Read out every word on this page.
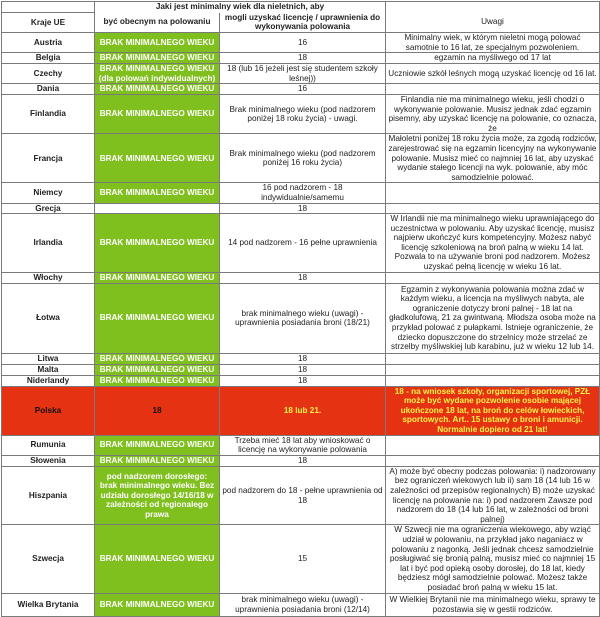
	Jaki jest minimalny wiek dla nieletnich, aby		
Kraje UE	być obecnym na polowaniu	mogli uzyskać licencję / uprawnienia do wykonywania polowania	Uwagi
Austria	BRAK MINIMALNEGO WIEKU	16	Minimalny wiek, w którym nieletni mogą polować samotnie to 16 lat, ze specjalnym pozwoleniem.
Belgia	BRAK MINIMALNEGO WIEKU	18	egzamin na myśliwego od 17 lat
Czechy	BRAK MINIMALNEGO WIEKU (dla polowań indywidualnych)	18 (lub 16 jeżeli jest się studentem szkoły leśnej))	Uczniowie szkół leśnych mogą uzyskać licencję od 16 lat.
Dania	BRAK MINIMALNEGO WIEKU	16	
Finlandia	BRAK MINIMALNEGO WIEKU	Brak minimalnego wieku (pod nadzorem poniżej 18 roku życia) - uwagi.	Finlandia nie ma minimalnego wieku, jeśli chodzi o wykonywanie polowanie. Musisz jednak zdać egzamin pisemny, aby uzyskać licencję na polowanie, co oznacza, że
Francja	BRAK MINIMALNEGO WIEKU	Brak minimalnego wieku (pod nadzorem poniżej 16 roku życia)	Małoletni poniżej 18 roku życia może, za zgodą rodziców, zarejestrować się na egzamin licencyjny na wykonywanie polowanie. Musisz mieć co najmniej 16 lat, aby uzyskać wydanie stałego licencji na wyk. polowanie, aby móc samodzielnie polować.
Niemcy	BRAK MINIMALNEGO WIEKU	16 pod nadzorem - 18 indywidualnie/samemu	
Grecja		18	
Irlandia	BRAK MINIMALNEGO WIEKU	14 pod nadzorem - 16 pełne uprawnienia	W Irlandii nie ma minimalnego wieku uprawniającego do uczestnictwa w polowaniu. Aby uzyskać licencję, musisz najpierw ukończyć kurs kompetencyjny. Możesz nabyć licencję szkoleniową na broń palną w wieku 14 lat. Pozwala to na używanie broni pod nadzorem. Możesz uzyskać pełną licencję w wieku 16 lat.
Włochy	BRAK MINIMALNEGO WIEKU	18	
Łotwa	BRAK MINIMALNEGO WIEKU	brak minimalnego wieku (uwagi) - uprawnienia posiadania broni (18/21)	Egzamin z wykonywania polowania można zdać w każdym wieku, a licencja na myśliwych nabyta, ale ograniczenie dotyczy broni palnej - 18 lat na gładkolufową, 21 za gwintwaną. Młodsza osoba może na przykład polować z pułapkami. Istnieje ograniczenie, że dziecko dopuszczone do strzelnicy może strzelać ze strzelby myśliwskiej lub karabinu, już w wieku 12 lub 14.
Litwa	BRAK MINIMALNEGO WIEKU	18	
Malta	BRAK MINIMALNEGO WIEKU	18	
Niderlandy	BRAK MINIMALNEGO WIEKU	18	
Polska	18	18 lub 21.	18 - na wniosek szkoły, organizacji sportowej, PZŁ może być wydane pozwolenie osobie mającej ukończone 18 lat, na broń do celów łowieckich, sportowych. Art.. 15 ustawy o broni i amunicji. Normalnie dopiero od 21 lat!
Rumunia	BRAK MINIMALNEGO WIEKU	Trzeba mieć 18 lat aby wnioskować o licencję na wykonywanie polowania	
Słowenia	BRAK MINIMALNEGO WIEKU	18	
Hiszpania	pod nadzorem dorosłego: brak minimalnego wieku. Bez udziału dorosłego 14/16/18 w zależności od regionalego prawa	pod nadzorem do 18 - pełne uprawnienia od 18	A) może być obecny podczas polowania: i) nadzorowany bez ograniczeń wiekowych lub ii) sam 18 (14 lub 16 w zależności od przepisów regionalnych) B) może uzyskać licencję na polowanie na: i) pod nadzorem Zawsze pod nadzorem do 18 (14 lub 16 lat, w zależności od broni palnej)
Szwecja	BRAK MINIMALNEGO WIEKU	15	W Szwecji nie ma ograniczenia wiekowego, aby wziąć udział w polowaniu, na przykład jako naganiacz w polowaniu z nagonką. Jeśli jednak chcesz samodzielnie posługiwać się bronią palną, musisz mieć co najmniej 15 lat i być pod opieką osoby dorosłej, do 18 lat, kiedy będziesz mógł samodzielnie polować. Możesz także posiadać broń palną w wieku 15 lat.
Wielka Brytania	BRAK MINIMALNEGO WIEKU	brak minimalnego wieku (uwagi) - uprawnienia posiadania broni (12/14)	W Wielkiej Brytanii nie ma minimalnego wieku, sprawy te pozostawia się w gestii rodziców.
